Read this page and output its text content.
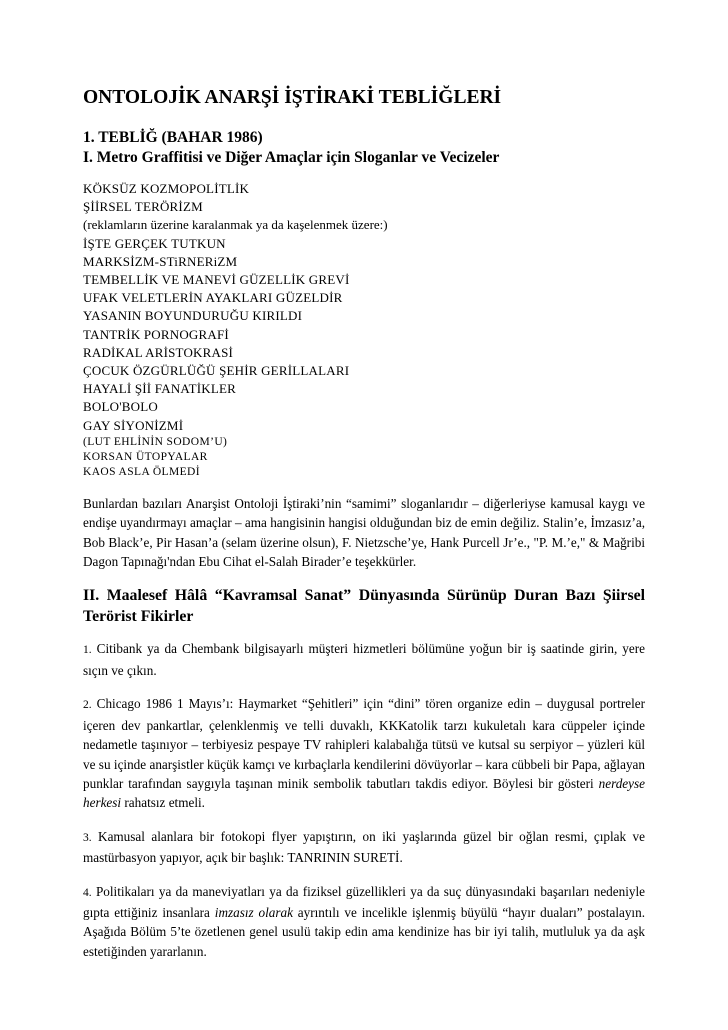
ONTOLOJİK ANARŞİ İŞTİRAKİ TEBLİĞLERİ
1. TEBLİĞ (BAHAR 1986)
I. Metro Graffitisi ve Diğer Amaçlar için Sloganlar ve Vecizeler
KÖKSÜZ KOZMOPOLİTLİK
ŞİİRSEL TERÖRİZM
(reklamların üzerine karalanmak ya da kaşelenmek üzere:)
İŞTE GERÇEK TUTKUN
MARKSİZM-STiRNERiZM
TEMBELLİK VE MANEVİ GÜZELLİK GREVİ
UFAK VELETLERİN AYAKLARI GÜZELDİR
YASANIN BOYUNDURUĞU KIRILDI
TANTRİK PORNOGRAFİ
RADİKAL ARİSTOKRASİ
ÇOCUK ÖZGÜRLÜĞÜ ŞEHİR GERİLLALARI
HAYALİ Şİİ FANATİKLER
BOLO'BOLO
GAY SİYONİZMİ
(LUT EHLİNİN SODOM’U)
KORSAN ÜTOPYALAR
KAOS ASLA ÖLMEDİ

Bunlardan bazıları Anarşist Ontoloji İştiraki’nin “samimi” sloganlarıdır – diğerleriyse kamusal kaygı ve endişe uyandırmayı amaçlar – ama hangisinin hangisi olduğundan biz de emin değiliz. Stalin’e, İmzasız’a, Bob Black’e, Pir Hasan’a (selam üzerine olsun), F. Nietzsche’ye, Hank Purcell Jr’e., "P. M.’e," & Mağribi Dagon Tapınağı'ndan Ebu Cihat el-Salah Birader’e teşekkürler.

II. Maalesef Hâlâ “Kavramsal Sanat” Dünyasında Sürünüp Duran Bazı Şiirsel Terörist Fikirler
1. Citibank ya da Chembank bilgisayarlı müşteri hizmetleri bölümüne yoğun bir iş saatinde girin, yere sıçın ve çıkın.
2. Chicago 1986 1 Mayıs’ı: Haymarket “Şehitleri” için “dini” tören organize edin – duygusal portreler içeren dev pankartlar, çelenklenmiş ve telli duvaklı, KKKatolik tarzı kukuletalı kara cüppeler içinde nedametle taşınıyor – terbiyesiz pespaye TV rahipleri kalabalığa tütsü ve kutsal su serpiyor – yüzleri kül ve su içinde anarşistler küçük kamçı ve kırbaçlarla kendilerini dövüyorlar – kara cübbeli bir Papa, ağlayan punklar tarafından saygıyla taşınan minik sembolik tabutları takdis ediyor. Böylesi bir gösteri nerdeyse herkesi rahatsız etmeli.
3. Kamusal alanlara bir fotokopi flyer yapıştırın, on iki yaşlarında güzel bir oğlan resmi, çıplak ve mastürbasyon yapıyor, açık bir başlık: TANRININ SURETİ.
4. Politikaları ya da maneviyatları ya da fiziksel güzellikleri ya da suç dünyasındaki başarıları nedeniyle gıpta ettiğiniz insanlara imzasız olarak ayrıntılı ve incelikle işlenmiş büyülü “hayır duaları” postalayın. Aşağıda Bölüm 5’te özetlenen genel usulü takip edin ama kendinize has bir iyi talih, mutluluk ya da aşk estetiğinden yararlanın.
